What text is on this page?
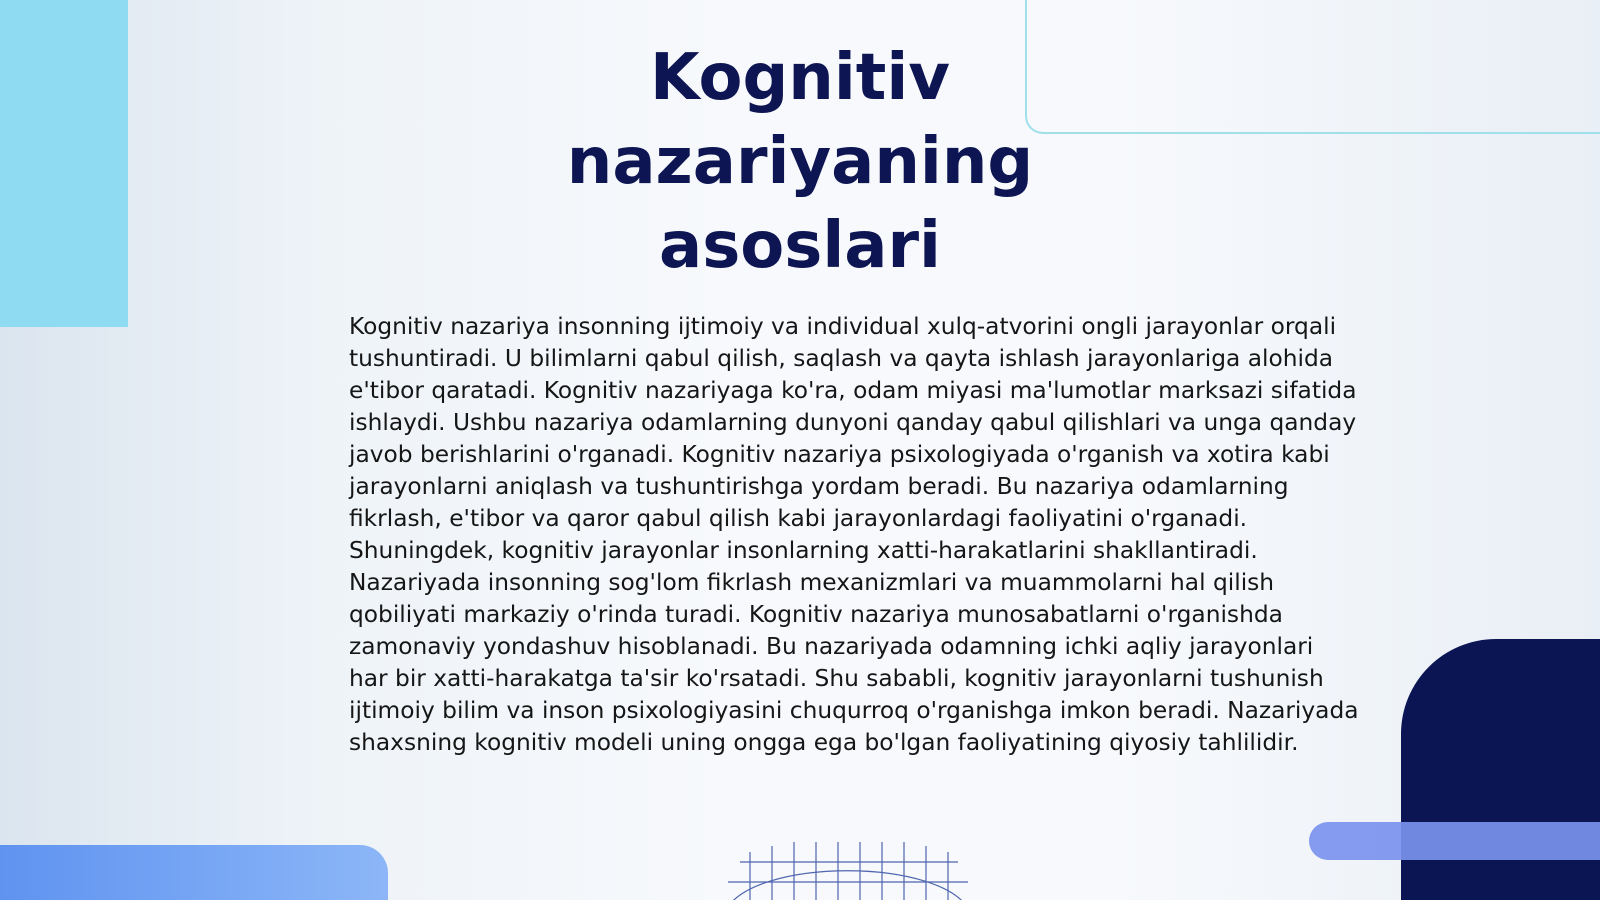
Kognitiv nazariyaning asoslari

Kognitiv nazariya insonning ijtimoiy va individual xulq-atvorini ongli jarayonlar orqali tushuntiradi. U bilimlarni qabul qilish, saqlash va qayta ishlash jarayonlariga alohida e'tibor qaratadi. Kognitiv nazariyaga ko'ra, odam miyasi ma'lumotlar marksazi sifatida ishlaydi. Ushbu nazariya odamlarning dunyoni qanday qabul qilishlari va unga qanday javob berishlarini o'rganadi. Kognitiv nazariya psixologiyada o'rganish va xotira kabi jarayonlarni aniqlash va tushuntirishga yordam beradi. Bu nazariya odamlarning fikrlash, e'tibor va qaror qabul qilish kabi jarayonlardagi faoliyatini o'rganadi. Shuningdek, kognitiv jarayonlar insonlarning xatti-harakatlarini shakllantiradi. Nazariyada insonning sog'lom fikrlash mexanizmlari va muammolarni hal qilish qobiliyati markaziy o'rinda turadi. Kognitiv nazariya munosabatlarni o'rganishda zamonaviy yondashuv hisoblanadi. Bu nazariyada odamning ichki aqliy jarayonlari har bir xatti-harakatga ta'sir ko'rsatadi. Shu sababli, kognitiv jarayonlarni tushunish ijtimoiy bilim va inson psixologiyasini chuqurroq o'rganishga imkon beradi. Nazariyada shaxsning kognitiv modeli uning ongga ega bo'lgan faoliyatining qiyosiy tahlilidir.
